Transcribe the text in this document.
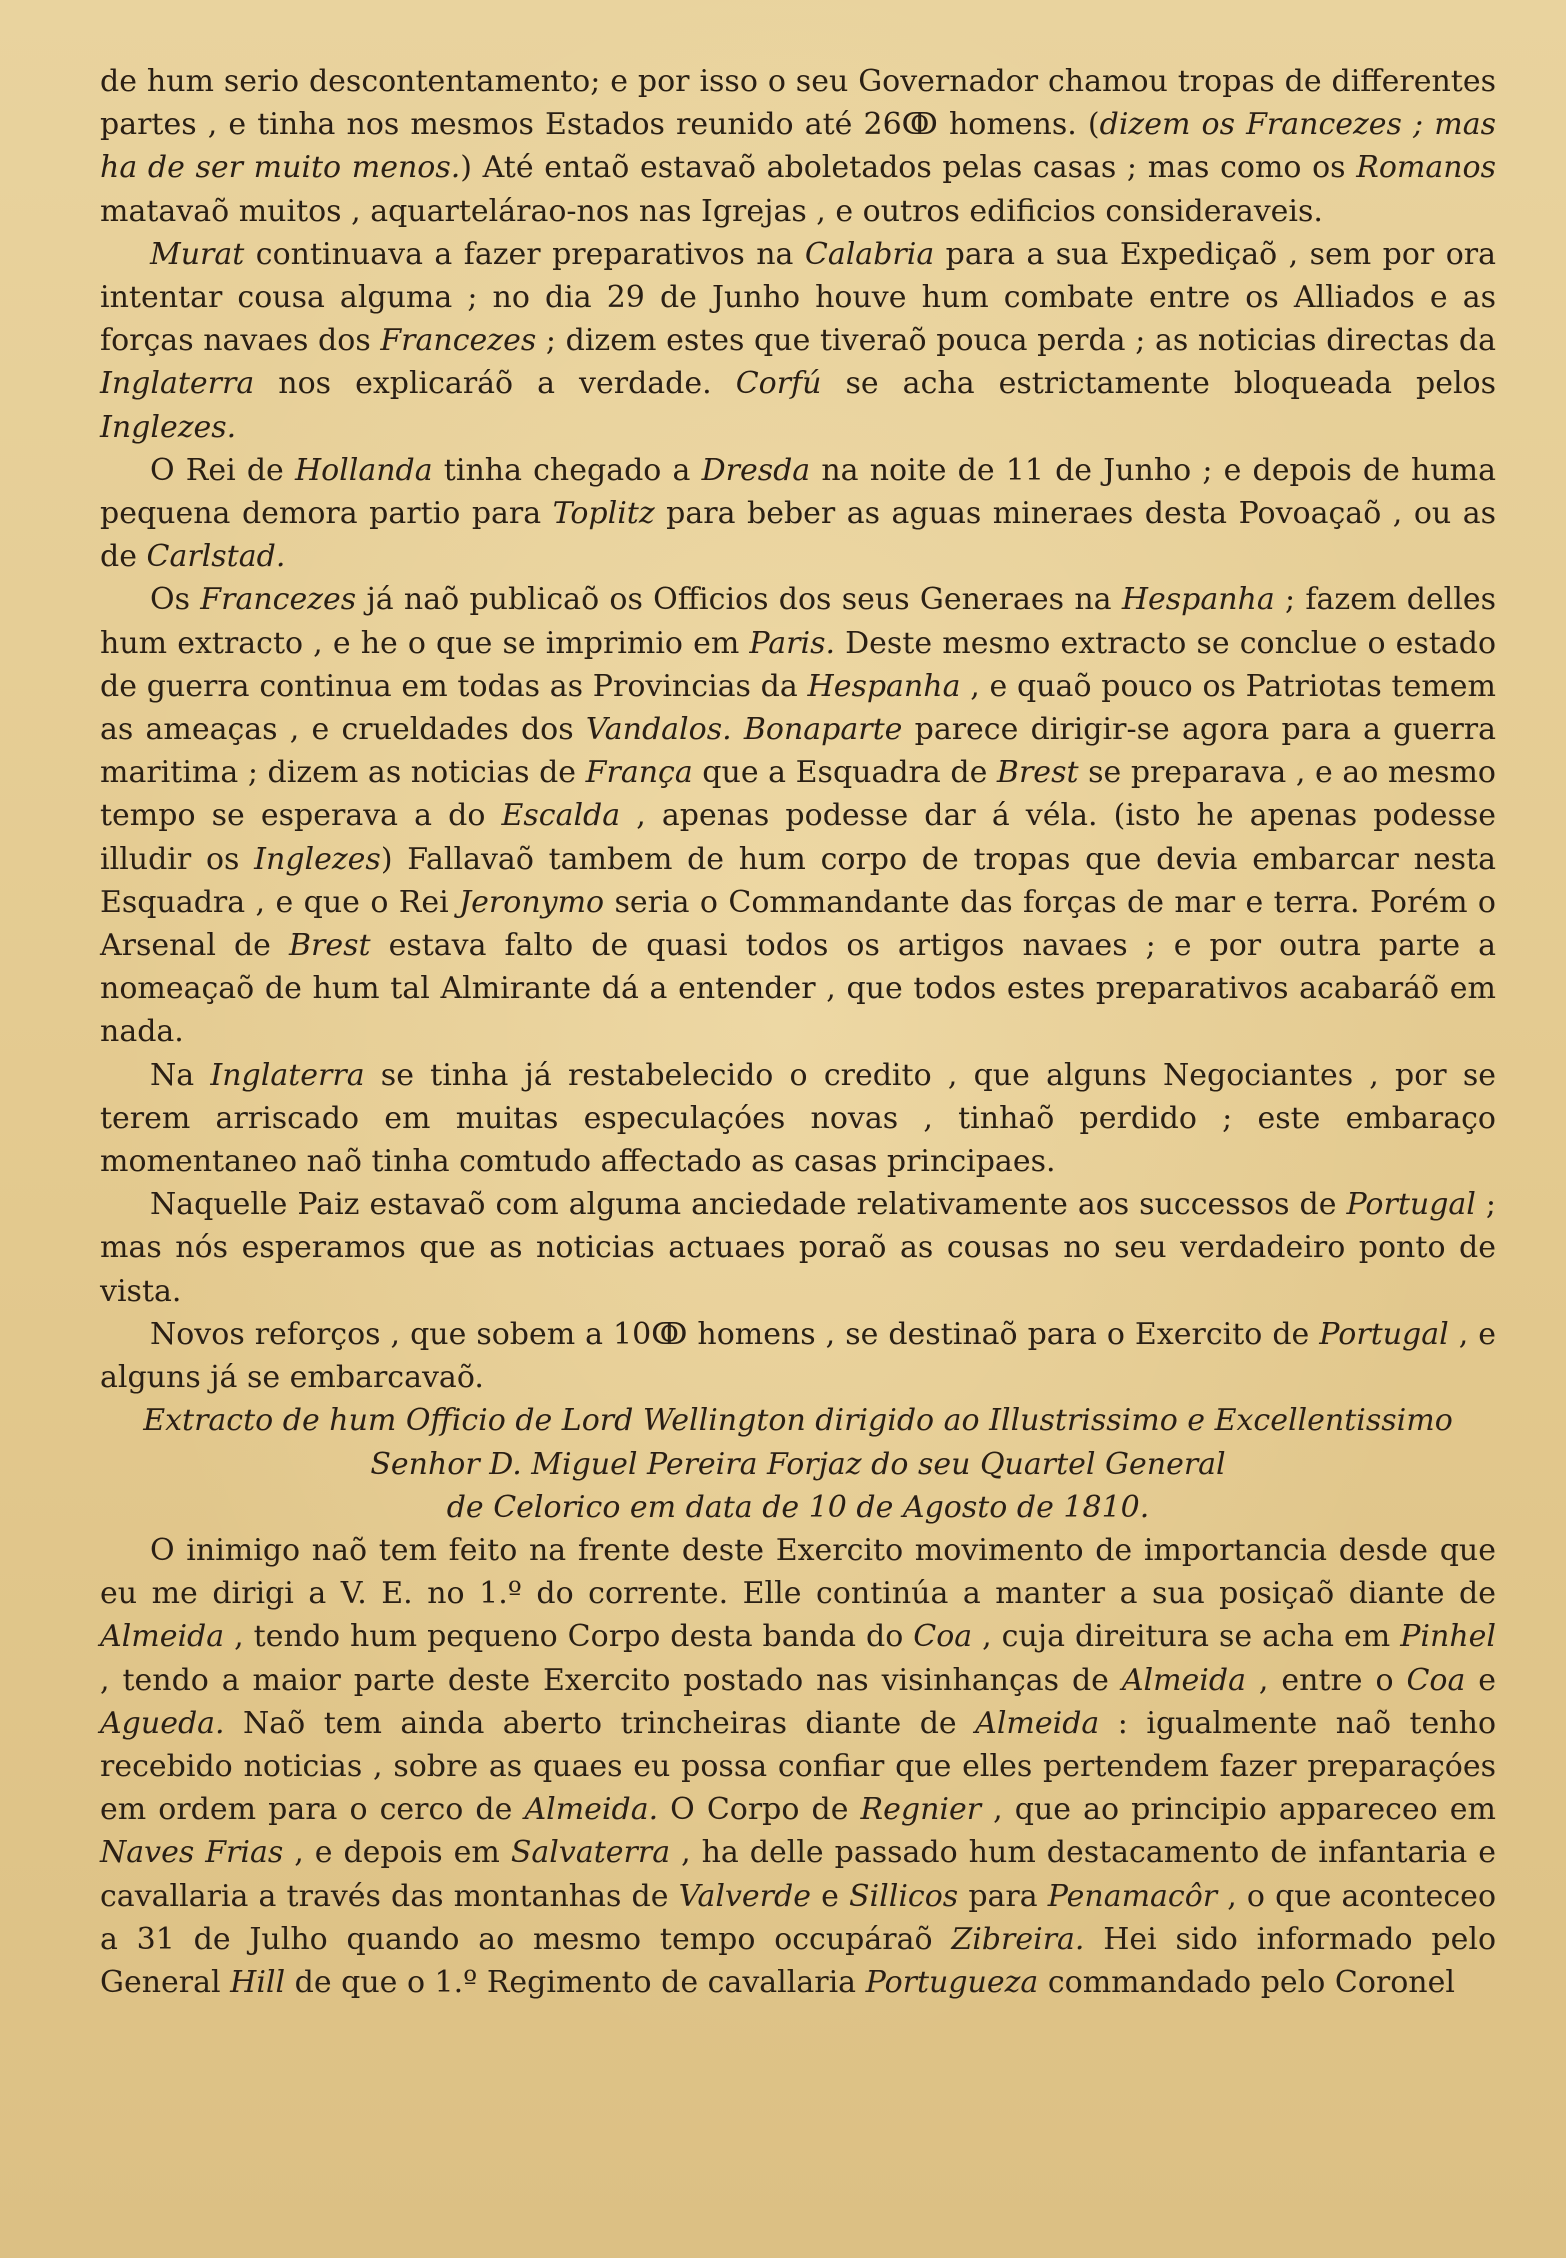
de hum serio descontentamento; e por isso o seu Governador chamou tropas de differentes partes , e tinha nos mesmos Estados reunido até 26ↂ homens. (dizem os Francezes ; mas ha de ser muito menos.) Até entaõ estavaõ aboletados pelas casas ; mas como os Romanos matavaõ muitos , aquartelárao-nos nas Igrejas , e outros edificios consideraveis.

Murat continuava a fazer preparativos na Calabria para a sua Expediçaõ , sem por ora intentar cousa alguma ; no dia 29 de Junho houve hum combate entre os Alliados e as forças navaes dos Francezes ; dizem estes que tiveraõ pouca perda ; as noticias directas da Inglaterra nos explicaráõ a verdade. Corfú se acha estrictamente bloqueada pelos Inglezes.

O Rei de Hollanda tinha chegado a Dresda na noite de 11 de Junho ; e depois de huma pequena demora partio para Toplitz para beber as aguas mineraes desta Povoaçaõ , ou as de Carlstad.

Os Francezes já naõ publicaõ os Officios dos seus Generaes na Hespanha ; fazem delles hum extracto , e he o que se imprimio em Paris. Deste mesmo extracto se conclue o estado de guerra continua em todas as Provincias da Hespanha , e quaõ pouco os Patriotas temem as ameaças , e crueldades dos Vandalos. Bonaparte parece dirigir-se agora para a guerra maritima ; dizem as noticias de França que a Esquadra de Brest se preparava , e ao mesmo tempo se esperava a do Escalda , apenas podesse dar á véla. (isto he apenas podesse illudir os Inglezes) Fallavaõ tambem de hum corpo de tropas que devia embarcar nesta Esquadra , e que o Rei Jeronymo seria o Commandante das forças de mar e terra. Porém o Arsenal de Brest estava falto de quasi todos os artigos navaes ; e por outra parte a nomeaçaõ de hum tal Almirante dá a entender , que todos estes preparativos acabaráõ em nada.

Na Inglaterra se tinha já restabelecido o credito , que alguns Negociantes , por se terem arriscado em muitas especulaçóes novas , tinhaõ perdido ; este embaraço momentaneo naõ tinha comtudo affectado as casas principaes.

Naquelle Paiz estavaõ com alguma anciedade relativamente aos successos de Portugal ; mas nós esperamos que as noticias actuaes poraõ as cousas no seu verdadeiro ponto de vista.

Novos reforços , que sobem a 10ↂ homens , se destinaõ para o Exercito de Portugal , e alguns já se embarcavaõ.

Extracto de hum Officio de Lord Wellington dirigido ao Illustrissimo e Excellentissimo Senhor D. Miguel Pereira Forjaz do seu Quartel General
de Celorico em data de 10 de Agosto de 1810.

O inimigo naõ tem feito na frente deste Exercito movimento de importancia desde que eu me dirigi a V. E. no 1.º do corrente. Elle continúa a manter a sua posiçaõ diante de Almeida , tendo hum pequeno Corpo desta banda do Coa , cuja direitura se acha em Pinhel , tendo a maior parte deste Exercito postado nas visinhanças de Almeida , entre o Coa e Agueda. Naõ tem ainda aberto trincheiras diante de Almeida : igualmente naõ tenho recebido noticias , sobre as quaes eu possa confiar que elles pertendem fazer preparaçóes em ordem para o cerco de Almeida. O Corpo de Regnier , que ao principio appareceo em Naves Frias , e depois em Salvaterra , ha delle passado hum destacamento de infantaria e cavallaria a través das montanhas de Valverde e Sillicos para Penamacôr , o que aconteceo a 31 de Julho quando ao mesmo tempo occupáraõ Zibreira. Hei sido informado pelo General Hill de que o 1.º Regimento de cavallaria Portugueza commandado pelo Coronel
